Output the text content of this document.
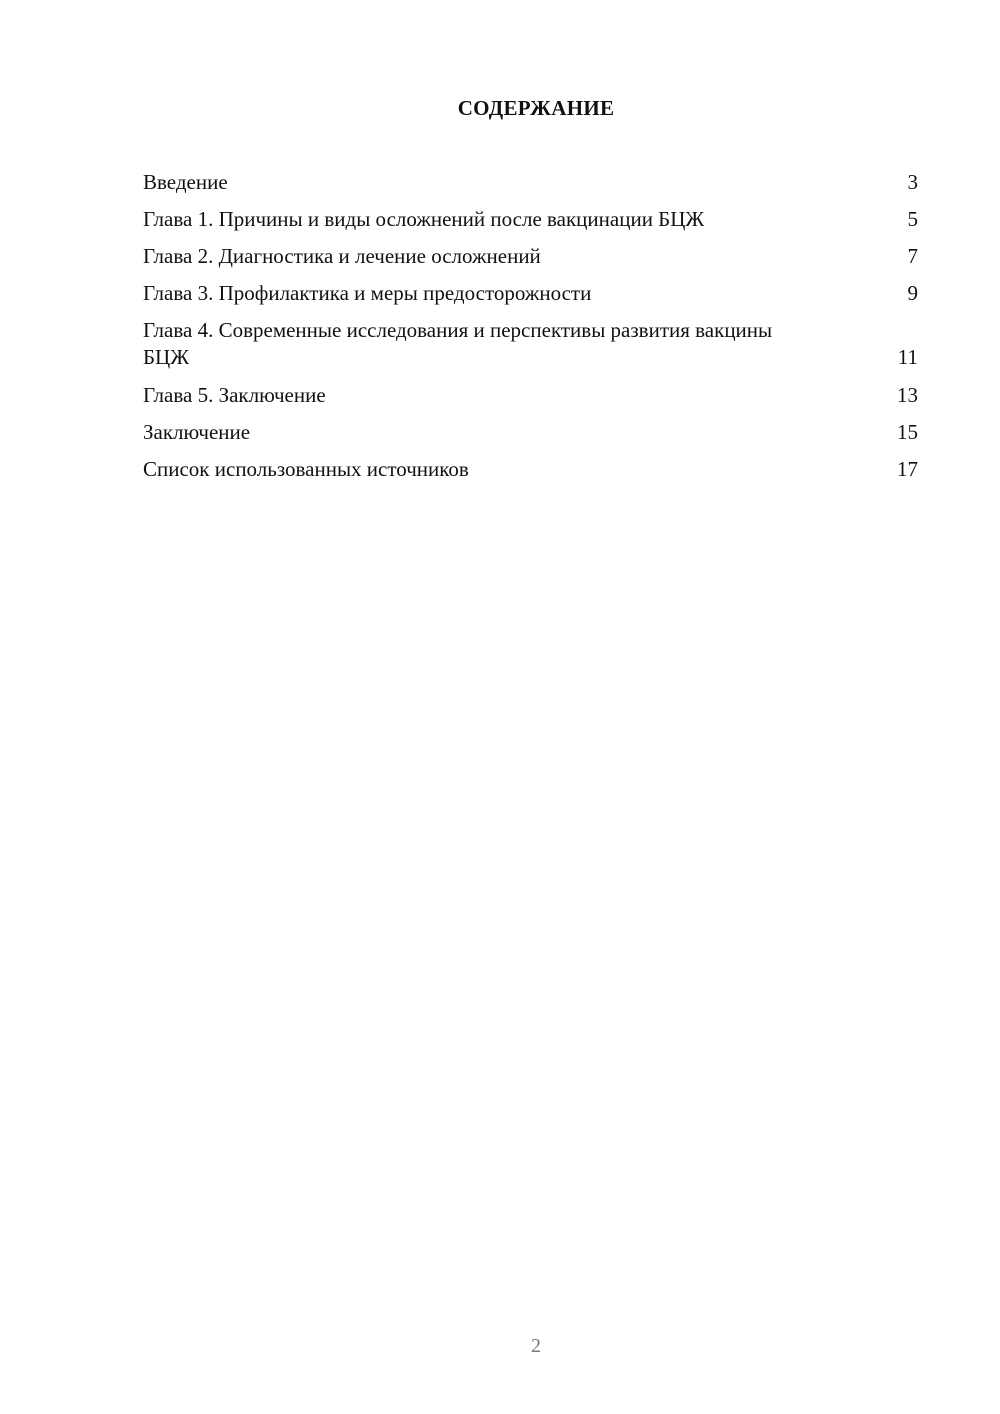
СОДЕРЖАНИЕ
Введение	3
Глава 1. Причины и виды осложнений после вакцинации БЦЖ	5
Глава 2. Диагностика и лечение осложнений	7
Глава 3. Профилактика и меры предосторожности	9
Глава 4. Современные исследования и перспективы развития вакцины БЦЖ	11
Глава 5. Заключение	13
Заключение	15
Список использованных источников	17
2
